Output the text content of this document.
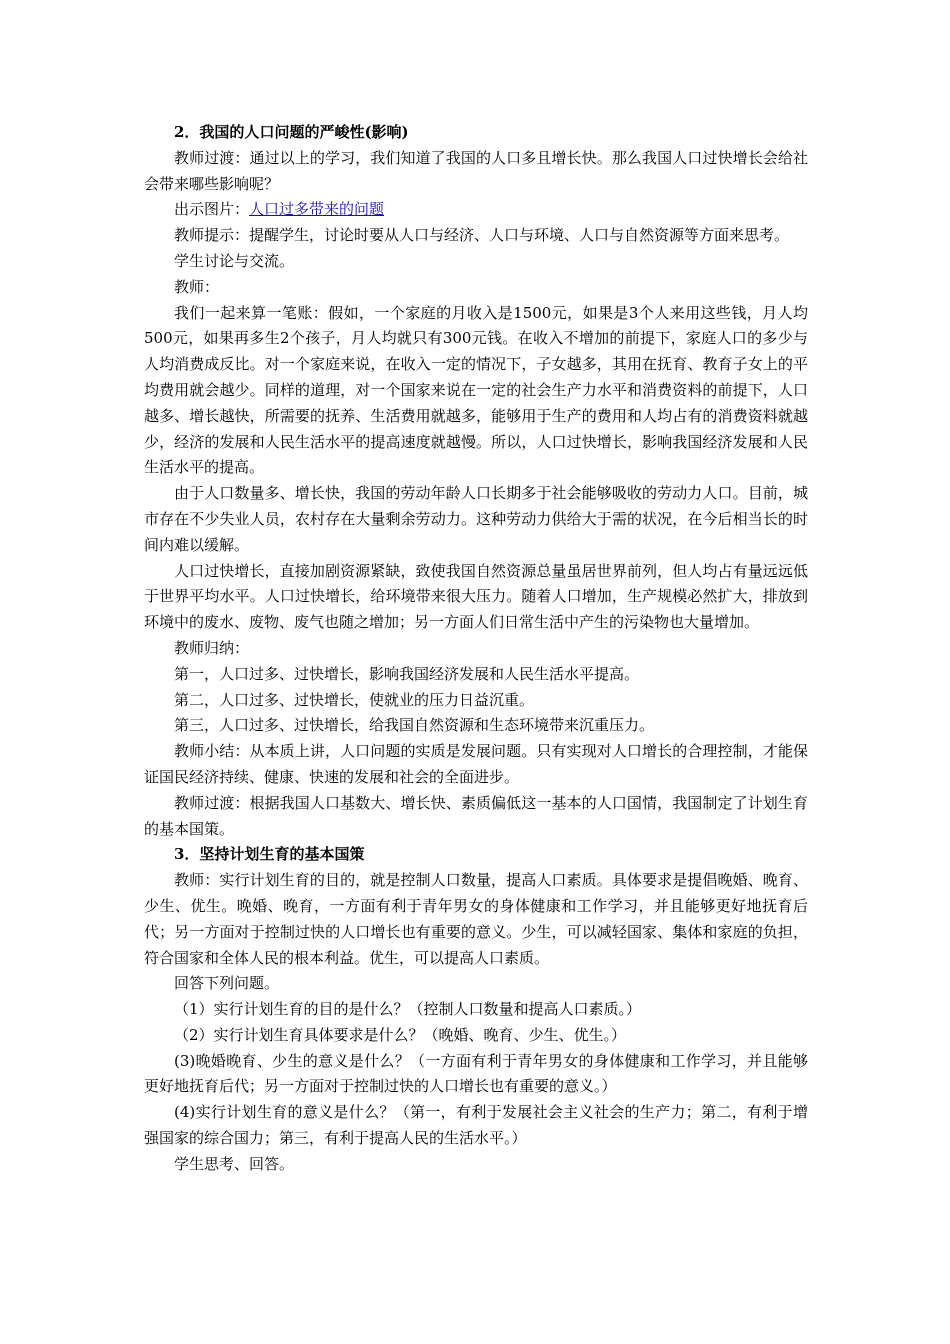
2．我国的人口问题的严峻性(影响)

教师过渡：通过以上的学习，我们知道了我国的人口多且增长快。那么我国人口过快增长会给社会带来哪些影响呢？

出示图片：人口过多带来的问题

教师提示：提醒学生，讨论时要从人口与经济、人口与环境、人口与自然资源等方面来思考。

学生讨论与交流。

教师：

我们一起来算一笔账：假如，一个家庭的月收入是1500元，如果是3个人来用这些钱，月人均500元，如果再多生2个孩子，月人均就只有300元钱。在收入不增加的前提下，家庭人口的多少与人均消费成反比。对一个家庭来说，在收入一定的情况下，子女越多，其用在抚育、教育子女上的平均费用就会越少。同样的道理，对一个国家来说在一定的社会生产力水平和消费资料的前提下，人口越多、增长越快，所需要的抚养、生活费用就越多，能够用于生产的费用和人均占有的消费资料就越少，经济的发展和人民生活水平的提高速度就越慢。所以，人口过快增长，影响我国经济发展和人民生活水平的提高。

由于人口数量多、增长快，我国的劳动年龄人口长期多于社会能够吸收的劳动力人口。目前，城市存在不少失业人员，农村存在大量剩余劳动力。这种劳动力供给大于需的状况，在今后相当长的时间内难以缓解。

人口过快增长，直接加剧资源紧缺，致使我国自然资源总量虽居世界前列，但人均占有量远远低于世界平均水平。人口过快增长，给环境带来很大压力。随着人口增加，生产规模必然扩大，排放到环境中的废水、废物、废气也随之增加；另一方面人们日常生活中产生的污染物也大量增加。

教师归纳：

第一，人口过多、过快增长，影响我国经济发展和人民生活水平提高。

第二，人口过多、过快增长，使就业的压力日益沉重。

第三，人口过多、过快增长，给我国自然资源和生态环境带来沉重压力。

教师小结：从本质上讲，人口问题的实质是发展问题。只有实现对人口增长的合理控制，才能保证国民经济持续、健康、快速的发展和社会的全面进步。

教师过渡：根据我国人口基数大、增长快、素质偏低这一基本的人口国情，我国制定了计划生育的基本国策。

3．坚持计划生育的基本国策

教师：实行计划生育的目的，就是控制人口数量，提高人口素质。具体要求是提倡晚婚、晚育、少生、优生。晚婚、晚育，一方面有利于青年男女的身体健康和工作学习，并且能够更好地抚育后代；另一方面对于控制过快的人口增长也有重要的意义。少生，可以减轻国家、集体和家庭的负担，符合国家和全体人民的根本利益。优生，可以提高人口素质。

回答下列问题。

（1）实行计划生育的目的是什么？（控制人口数量和提高人口素质。）

（2）实行计划生育具体要求是什么？（晚婚、晚育、少生、优生。）

(3)晚婚晚育、少生的意义是什么？（一方面有利于青年男女的身体健康和工作学习，并且能够更好地抚育后代；另一方面对于控制过快的人口增长也有重要的意义。）

(4)实行计划生育的意义是什么？（第一，有利于发展社会主义社会的生产力；第二，有利于增强国家的综合国力；第三，有利于提高人民的生活水平。）

学生思考、回答。
